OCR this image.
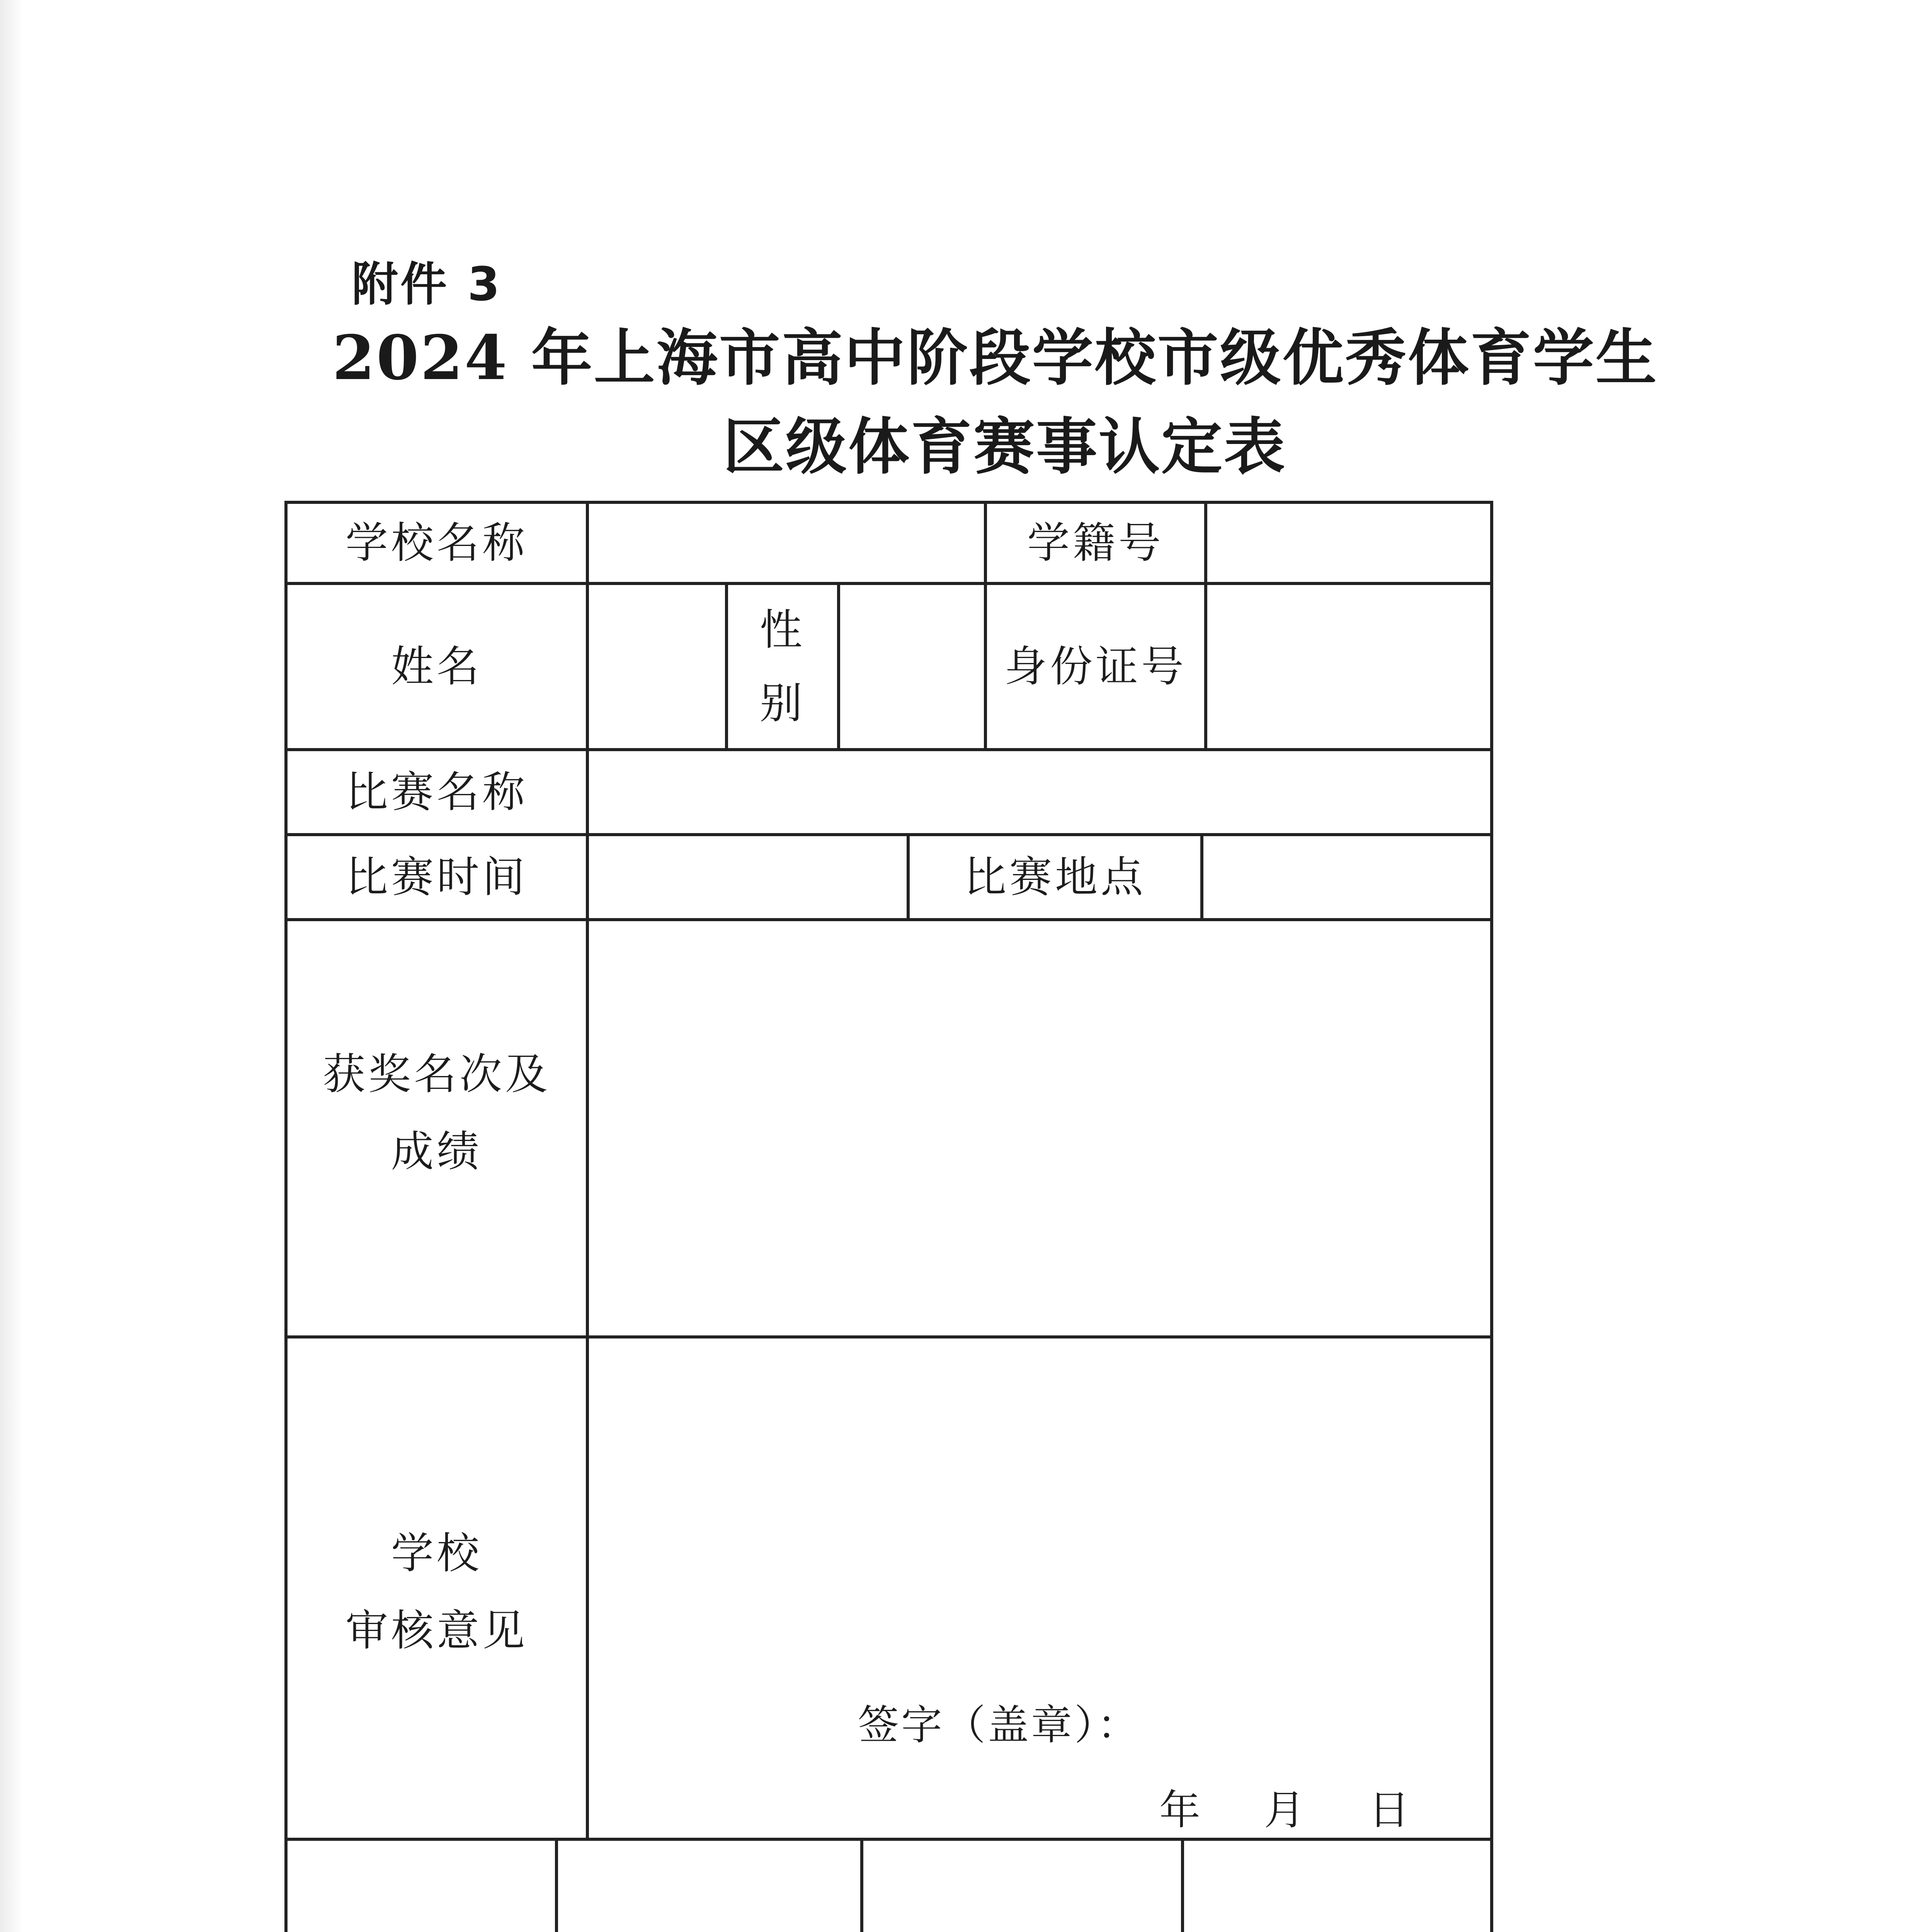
附件 3
2024 年上海市高中阶段学校市级优秀体育学生
区级体育赛事认定表
学校名称	学籍号
姓名
性
别
身份证号
比赛名称
比赛时间	比赛地点
获奖名次及
成绩
学校
审核意见
签字（盖章）：
年    月    日
